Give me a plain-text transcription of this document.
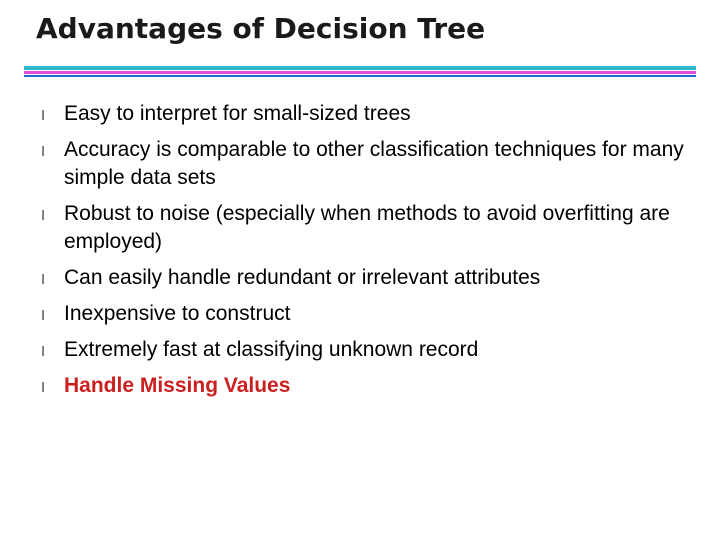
Advantages of Decision Tree
l Easy to interpret for small-sized trees
l Accuracy is comparable to other classification techniques for many simple data sets
l Robust to noise (especially when methods to avoid overfitting are employed)
l Can easily handle redundant or irrelevant attributes
l Inexpensive to construct
l Extremely fast at classifying unknown record
l Handle Missing Values
